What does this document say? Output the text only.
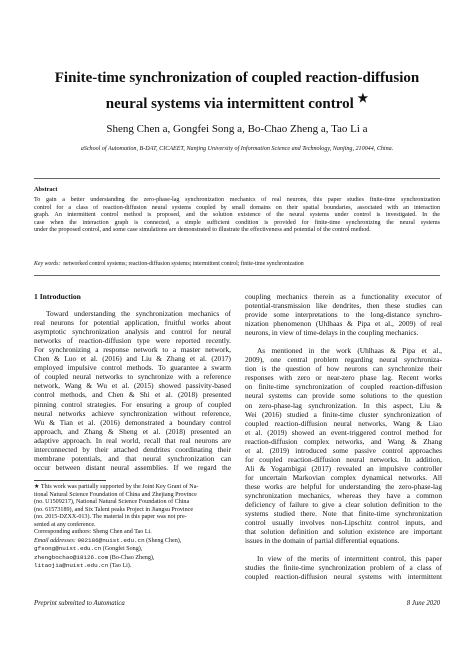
Finite-time synchronization of coupled reaction-diffusion
neural systems via intermittent control ★
Sheng Chen a, Gongfei Song a, Bo-Chao Zheng a, Tao Li a
aSchool of Automation, B-DAT, CICAEET, Nanjing University of Information Science and Technology, Nanjing, 210044, China.
Abstract
To gain a better understanding the zero-phase-lag synchronization mechanics of real neurons, this paper studies finite-time synchronization
control for a class of reaction-diffusion neural systems coupled by small domains on their spatial boundaries, associated with an interaction
graph. An intermittent control method is proposed, and the solution existence of the neural systems under control is investigated. In the
case when the interaction graph is connected, a simple sufficient condition is provided for finite-time synchronizing the neural systems
under the proposed control, and some case simulations are demonstrated to illustrate the effectiveness and potential of the control method.
Key words: networked control systems; reaction-diffusion systems; intermittent control; finite-time synchronization
1 Introduction
Toward understanding the synchronization mechanics of
real neurons for potential application, fruitful works about
asymptotic synchronization analysis and control for neural
networks of reaction-diffusion type were reported recently.
For synchronizing a response network to a master network,
Chen & Luo et al. (2016) and Liu & Zhang et al. (2017)
employed impulsive control methods. To guarantee a swarm
of coupled neural networks to synchronize with a reference
network, Wang & Wu et al. (2015) showed passivity-based
control methods, and Chen & Shi et al. (2018) presented
pinning control strategies. For ensuring a group of coupled
neural networks achieve synchronization without reference,
Wu & Tian et al. (2016) demonstrated a boundary control
approach, and Zhang & Sheng et al. (2018) presented an
adaptive approach. In real world, recall that real neurons are
interconnected by their attached dendrites coordinating their
membrane potentials, and that neural synchronization can
occur between distant neural assemblies. If we regard the
coupling mechanics therein as a functionality executor of
potential-transmission like dendrites, then these studies can
provide some interpretations to the long-distance synchro-
nization phenomenon (Uhlhaas & Pipa et al., 2009) of real
neurons, in view of time-delays in the coupling mechanics.
As mentioned in the work (Uhlhaas & Pipa et al.,
2009), one central problem regarding neural synchroniza-
tion is the question of how neurons can synchronize their
responses with zero or near-zero phase lag. Recent works
on finite-time synchronization of coupled reaction-diffusion
neural systems can provide some solutions to the question
on zero-phase-lag synchronization. In this aspect, Liu &
Wei (2016) studied a finite-time cluster synchronization of
coupled reaction-diffusion neural networks, Wang & Liao
et al. (2019) showed an event-triggered control method for
reaction-diffusion complex networks, and Wang & Zhang
et al. (2019) introduced some passive control approaches
for coupled reaction-diffusion neural networks. In addition,
Ali & Yogambigai (2017) revealed an impulsive controller
for uncertain Markovian complex dynamical networks. All
these works are helpful for understanding the zero-phase-lag
synchronization mechanics, whereas they have a common
deficiency of failure to give a clear solution definition to the
systems studied there. Note that finite-time synchronization
control usually involves non-Lipschitz control inputs, and
that solution definition and solution existence are important
issues in the domain of partial differential equations.
In view of the merits of intermittent control, this paper
studies the finite-time synchronization problem of a class of
coupled reaction-diffusion neural systems with intermittent
★ This work was partially supported by the Joint Key Grant of Na-
tional Natural Science Foundation of China and Zhejiang Province
(no. U1509217), National Natural Science Foundation of China
(no. 61573189), and Six Talent peaks Project in Jiangsu Province
(no. 2015-DZXX-013). The material in this paper was not pre-
sented at any conference.
Corresponding authors: Sheng Chen and Tao Li.
Email addresses: 002186@nuist.edu.cn (Sheng Chen),
gfsong@nuist.edu.cn (Gongfei Song),
zhengbochao@18126.com (Bo-Chao Zheng),
litaojia@nuist.edu.cn (Tao Li).
Preprint submitted to Automatica	8 June 2020
